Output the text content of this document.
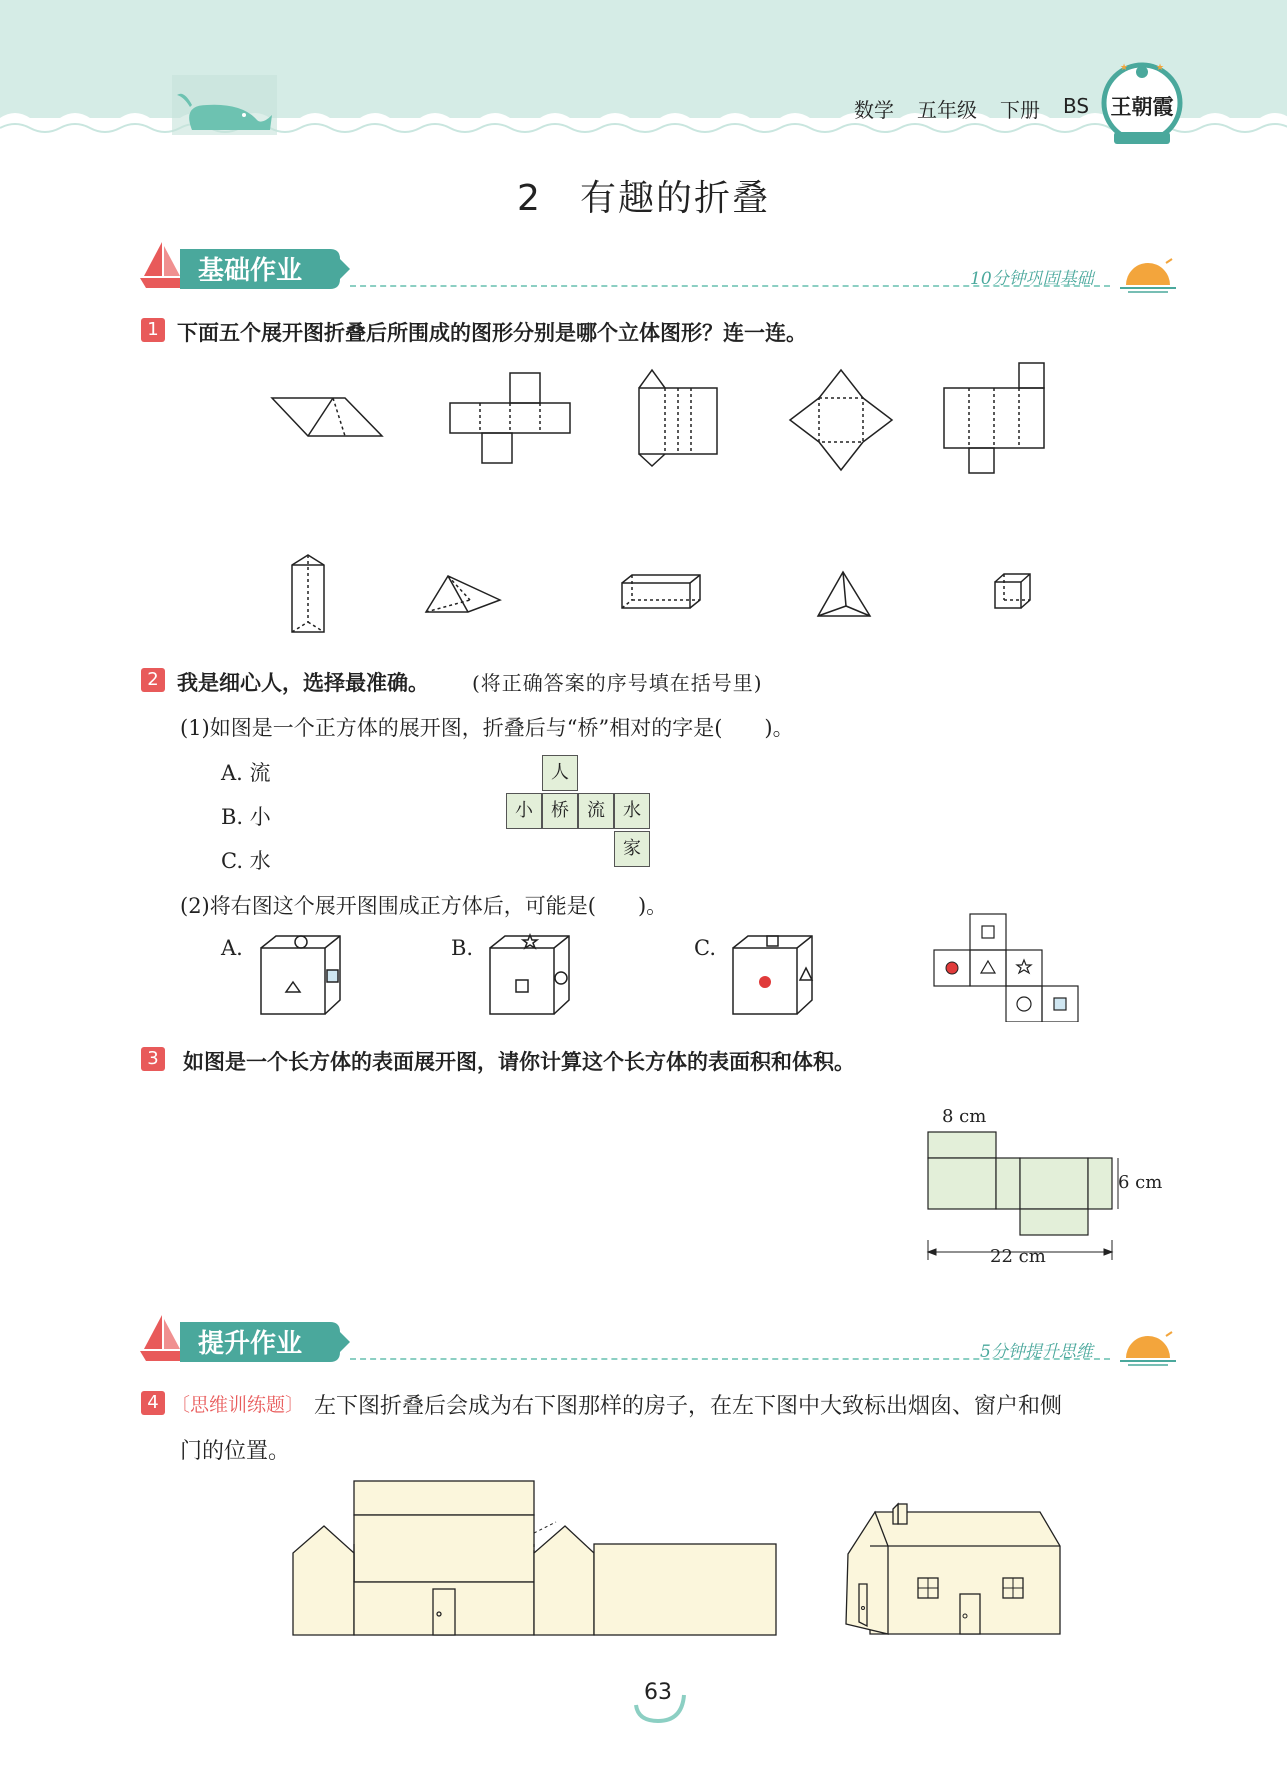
数学 五年级 下册 BS
★	★
王朝霞
2　有趣的折叠
基础作业	10分钟巩固基础
1 下面五个展开图折叠后所围成的图形分别是哪个立体图形？连一连。
2 我是细心人，选择最准确。 (将正确答案的序号填在括号里)
(1)如图是一个正方体的展开图，折叠后与“桥”相对的字是(　　)。
A. 流
B. 小
C. 水
人
小	桥	流	水
家
(2)将右图这个展开图围成正方体后，可能是(　　)。
A.	B.	C.
3 如图是一个长方体的表面展开图，请你计算这个长方体的表面积和体积。
8 cm
6 cm
22 cm
提升作业	5分钟提升思维
4 〔思维训练题〕 左下图折叠后会成为右下图那样的房子，在左下图中大致标出烟囱、窗户和侧
门的位置。
63
